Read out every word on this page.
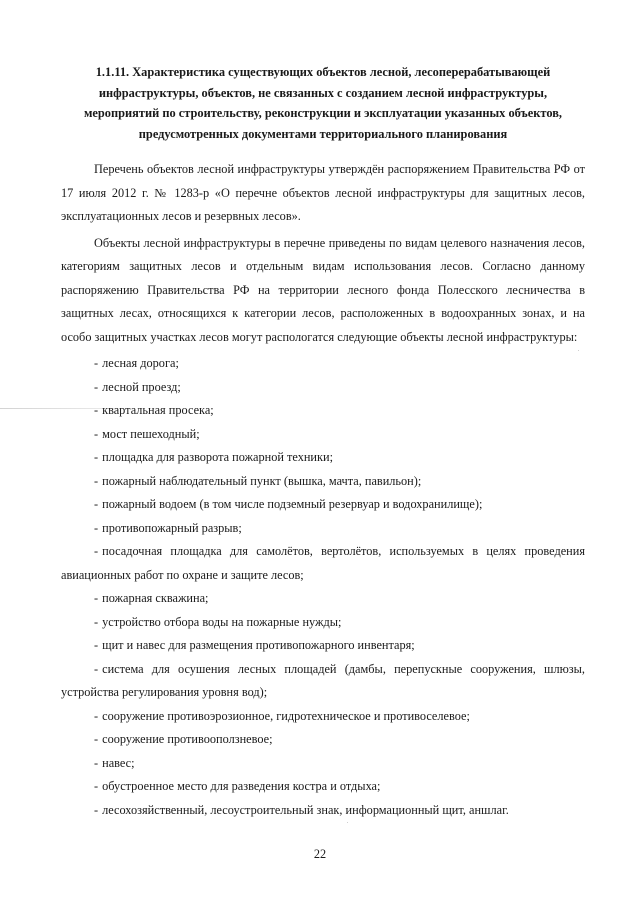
1.1.11. Характеристика существующих объектов лесной, лесоперерабатывающей
инфраструктуры, объектов, не связанных с созданием лесной инфраструктуры,
мероприятий по строительству, реконструкции и эксплуатации указанных объектов,
предусмотренных документами территориального планирования

Перечень объектов лесной инфраструктуры утверждён распоряжением Правительства РФ от 17 июля 2012 г. № 1283-р «О перечне объектов лесной инфраструктуры для защитных лесов, эксплуатационных лесов и резервных лесов».

Объекты лесной инфраструктуры в перечне приведены по видам целевого назначения лесов, категориям защитных лесов и отдельным видам использования лесов. Согласно данному распоряжению Правительства РФ на территории лесного фонда Полесского лесничества в защитных лесах, относящихся к категории лесов, расположенных в водоохранных зонах, и на особо защитных участках лесов могут распологатся следующие объекты лесной инфраструктуры:

- лесная дорога;
- лесной проезд;
- квартальная просека;
- мост пешеходный;
- площадка для разворота пожарной техники;
- пожарный наблюдательный пункт (вышка, мачта, павильон);
- пожарный водоем (в том числе подземный резервуар и водохранилище);
- противопожарный разрыв;
- посадочная площадка для самолётов, вертолётов, используемых в целях проведения авиационных работ по охране и защите лесов;
- пожарная скважина;
- устройство отбора воды на пожарные нужды;
- щит и навес для размещения противопожарного инвентаря;
- система для осушения лесных площадей (дамбы, перепускные сооружения, шлюзы, устройства регулирования уровня вод);
- сооружение противоэрозионное, гидротехническое и противоселевое;
- сооружение противооползневое;
- навес;
- обустроенное место для разведения костра и отдыха;
- лесохозяйственный, лесоустроительный знак, информационный щит, аншлаг.
22
